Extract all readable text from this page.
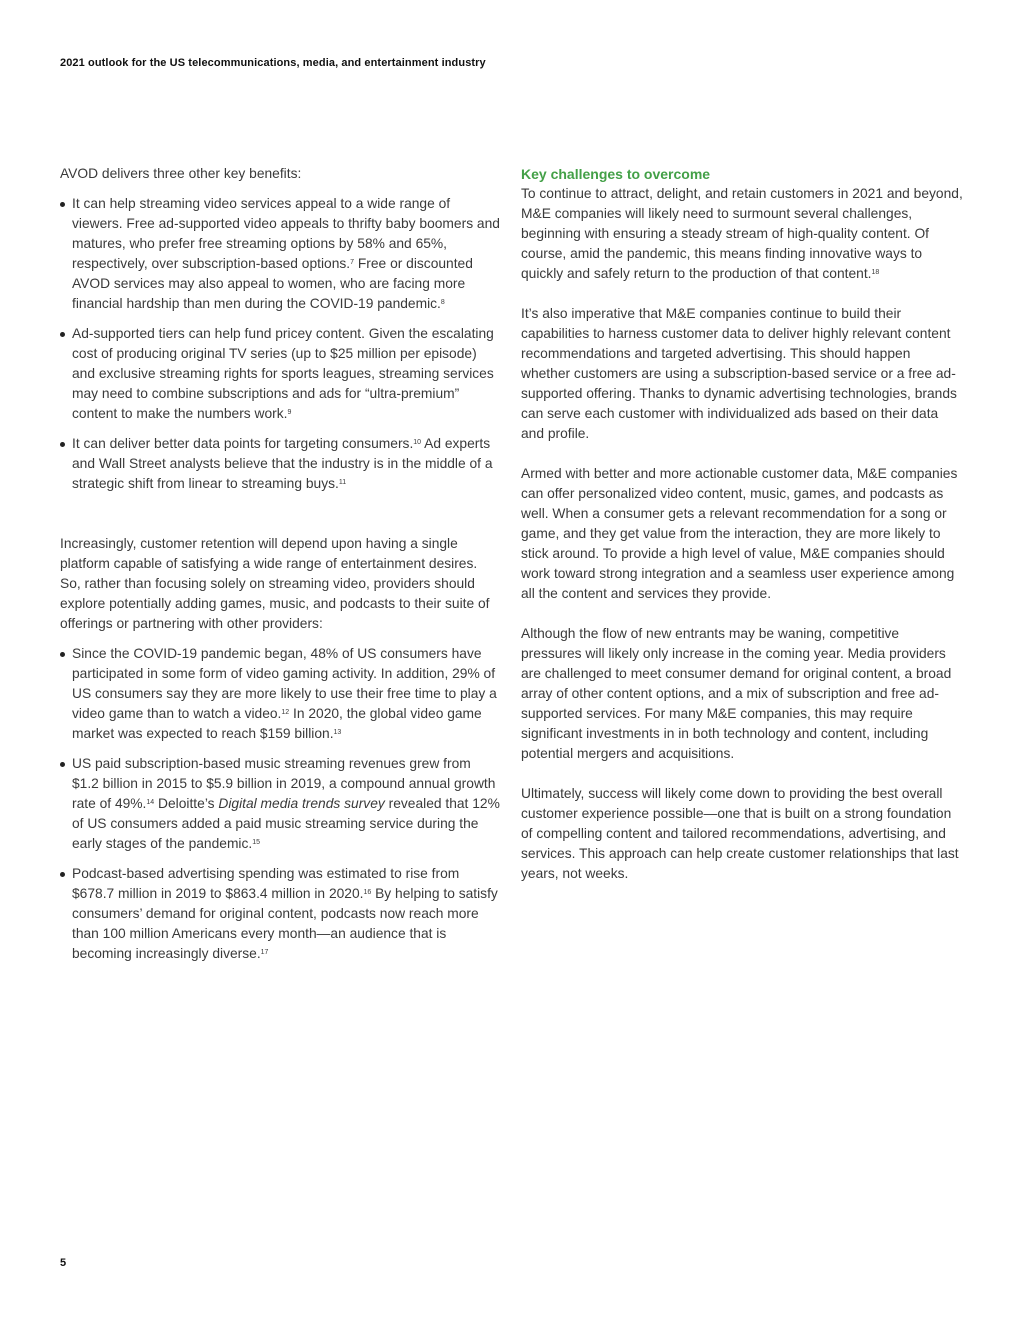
2021 outlook for the US telecommunications, media, and entertainment industry

AVOD delivers three other key benefits:

It can help streaming video services appeal to a wide range of viewers. Free ad-supported video appeals to thrifty baby boomers and matures, who prefer free streaming options by 58% and 65%, respectively, over subscription-based options.$^7$ Free or discounted AVOD services may also appeal to women, who are facing more financial hardship than men during the COVID-19 pandemic.$^8$
Ad-supported tiers can help fund pricey content. Given the escalating cost of producing original TV series (up to $25 million per episode) and exclusive streaming rights for sports leagues, streaming services may need to combine subscriptions and ads for “ultra-premium” content to make the numbers work.$^9$
It can deliver better data points for targeting consumers.$^{10}$ Ad experts and Wall Street analysts believe that the industry is in the middle of a strategic shift from linear to streaming buys.$^{11}$

Increasingly, customer retention will depend upon having a single platform capable of satisfying a wide range of entertainment desires. So, rather than focusing solely on streaming video, providers should explore potentially adding games, music, and podcasts to their suite of offerings or partnering with other providers:

Since the COVID-19 pandemic began, 48% of US consumers have participated in some form of video gaming activity. In addition, 29% of US consumers say they are more likely to use their free time to play a video game than to watch a video.$^{12}$ In 2020, the global video game market was expected to reach $159 billion.$^{13}$
US paid subscription-based music streaming revenues grew from $1.2 billion in 2015 to $5.9 billion in 2019, a compound annual growth rate of 49%.$^{14}$ Deloitte’s Digital media trends survey revealed that 12% of US consumers added a paid music streaming service during the early stages of the pandemic.$^{15}$
Podcast-based advertising spending was estimated to rise from $678.7 million in 2019 to $863.4 million in 2020.16 By helping to satisfy consumers’ demand for original content, podcasts now reach more than 100 million Americans every month—an audience that is becoming increasingly diverse.$^{17}$
Key challenges to overcome

To continue to attract, delight, and retain customers in 2021 and beyond, M&E companies will likely need to surmount several challenges, beginning with ensuring a steady stream of high-quality content. Of course, amid the pandemic, this means finding innovative ways to quickly and safely return to the production of that content.$^{18}$

It’s also imperative that M&E companies continue to build their capabilities to harness customer data to deliver highly relevant content recommendations and targeted advertising. This should happen whether customers are using a subscription-based service or a free ad-supported offering. Thanks to dynamic advertising technologies, brands can serve each customer with individualized ads based on their data and profile.

Armed with better and more actionable customer data, M&E companies can offer personalized video content, music, games, and podcasts as well. When a consumer gets a relevant recommendation for a song or game, and they get value from the interaction, they are more likely to stick around. To provide a high level of value, M&E companies should work toward strong integration and a seamless user experience among all the content and services they provide.

Although the flow of new entrants may be waning, competitive pressures will likely only increase in the coming year. Media providers are challenged to meet consumer demand for original content, a broad array of other content options, and a mix of subscription and free ad-supported services. For many M&E companies, this may require significant investments in in both technology and content, including potential mergers and acquisitions.

Ultimately, success will likely come down to providing the best overall customer experience possible—one that is built on a strong foundation of compelling content and tailored recommendations, advertising, and services. This approach can help create customer relationships that last years, not weeks.

5
